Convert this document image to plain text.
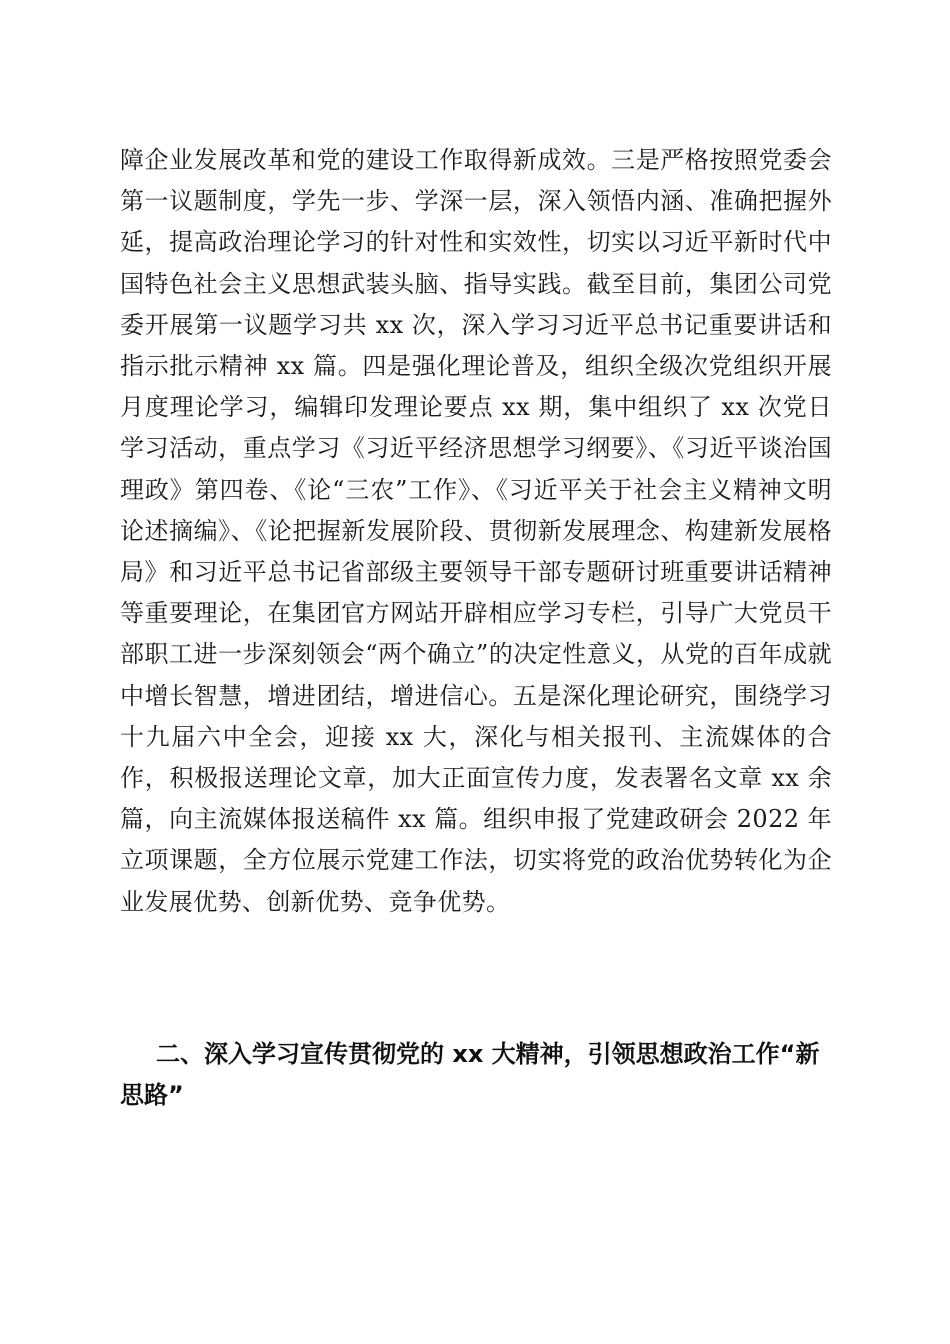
障企业发展改革和党的建设工作取得新成效。三是严格按照党委会第一议题制度，学先一步、学深一层，深入领悟内涵、准确把握外延，提高政治理论学习的针对性和实效性，切实以习近平新时代中国特色社会主义思想武装头脑、指导实践。截至目前，集团公司党委开展第一议题学习共 xx 次，深入学习习近平总书记重要讲话和指示批示精神 xx 篇。四是强化理论普及，组织全级次党组织开展月度理论学习，编辑印发理论要点 xx 期，集中组织了 xx 次党日学习活动，重点学习《习近平经济思想学习纲要》、《习近平谈治国理政》第四卷、《论“三农”工作》、《习近平关于社会主义精神文明论述摘编》、《论把握新发展阶段、贯彻新发展理念、构建新发展格局》和习近平总书记省部级主要领导干部专题研讨班重要讲话精神等重要理论，在集团官方网站开辟相应学习专栏，引导广大党员干部职工进一步深刻领会“两个确立”的决定性意义，从党的百年成就中增长智慧，增进团结，增进信心。五是深化理论研究，围绕学习十九届六中全会，迎接 xx 大，深化与相关报刊、主流媒体的合作，积极报送理论文章，加大正面宣传力度，发表署名文章 xx 余篇，向主流媒体报送稿件 xx 篇。组织申报了党建政研会 2022 年立项课题，全方位展示党建工作法，切实将党的政治优势转化为企业发展优势、创新优势、竞争优势。

二、深入学习宣传贯彻党的 xx 大精神，引领思想政治工作“新思路”
